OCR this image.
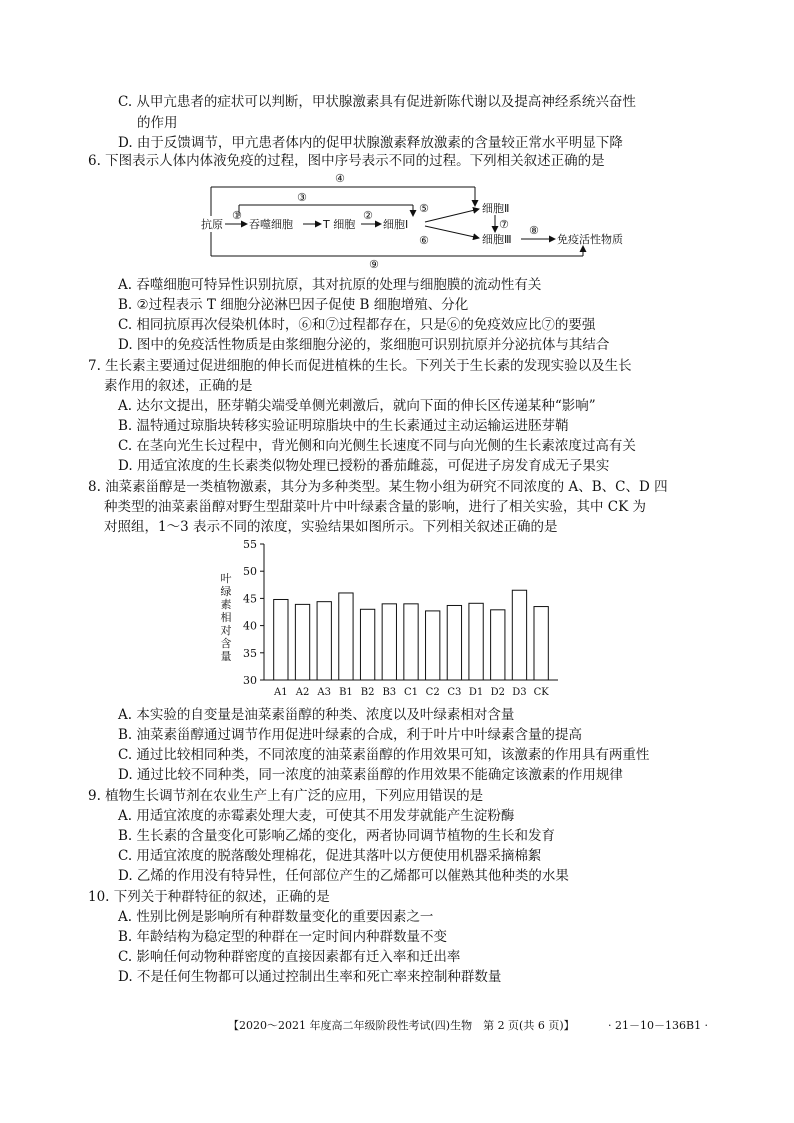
C. 从甲亢患者的症状可以判断，甲状腺激素具有促进新陈代谢以及提高神经系统兴奋性
的作用
D. 由于反馈调节，甲亢患者体内的促甲状腺激素释放激素的含量较正常水平明显下降
6. 下图表示人体内体液免疫的过程，图中序号表示不同的过程。下列相关叙述正确的是
④
③
抗原
①
吞噬细胞	T 细胞
②
细胞Ⅰ
⑤
⑥
细胞Ⅱ
⑦
细胞Ⅲ
⑧
免疫活性物质
⑨
A. 吞噬细胞可特异性识别抗原，其对抗原的处理与细胞膜的流动性有关
B. ②过程表示 T 细胞分泌淋巴因子促使 B 细胞增殖、分化
C. 相同抗原再次侵染机体时，⑥和⑦过程都存在，只是⑥的免疫效应比⑦的要强
D. 图中的免疫活性物质是由浆细胞分泌的，浆细胞可识别抗原并分泌抗体与其结合
7. 生长素主要通过促进细胞的伸长而促进植株的生长。下列关于生长素的发现实验以及生长
素作用的叙述，正确的是
A. 达尔文提出，胚芽鞘尖端受单侧光刺激后，就向下面的伸长区传递某种“影响”
B. 温特通过琼脂块转移实验证明琼脂块中的生长素通过主动运输运进胚芽鞘
C. 在茎向光生长过程中，背光侧和向光侧生长速度不同与向光侧的生长素浓度过高有关
D. 用适宜浓度的生长素类似物处理已授粉的番茄雌蕊，可促进子房发育成无子果实
8. 油菜素甾醇是一类植物激素，其分为多种类型。某生物小组为研究不同浓度的 A、B、C、D 四
种类型的油菜素甾醇对野生型甜菜叶片中叶绿素含量的影响，进行了相关实验，其中 CK 为
对照组，1～3 表示不同的浓度，实验结果如图所示。下列相关叙述正确的是
叶
绿
素
相
对
含
量
30
35
40
45
50
55
A1 A2 A3 B1 B2 B3 C1 C2 C3 D1 D2 D3 CK
A. 本实验的自变量是油菜素甾醇的种类、浓度以及叶绿素相对含量
B. 油菜素甾醇通过调节作用促进叶绿素的合成，利于叶片中叶绿素含量的提高
C. 通过比较相同种类，不同浓度的油菜素甾醇的作用效果可知，该激素的作用具有两重性
D. 通过比较不同种类，同一浓度的油菜素甾醇的作用效果不能确定该激素的作用规律
9. 植物生长调节剂在农业生产上有广泛的应用，下列应用错误的是
A. 用适宜浓度的赤霉素处理大麦，可使其不用发芽就能产生淀粉酶
B. 生长素的含量变化可影响乙烯的变化，两者协同调节植物的生长和发育
C. 用适宜浓度的脱落酸处理棉花，促进其落叶以方便使用机器采摘棉絮
D. 乙烯的作用没有特异性，任何部位产生的乙烯都可以催熟其他种类的水果
10. 下列关于种群特征的叙述，正确的是
A. 性别比例是影响所有种群数量变化的重要因素之一
B. 年龄结构为稳定型的种群在一定时间内种群数量不变
C. 影响任何动物种群密度的直接因素都有迁入率和迁出率
D. 不是任何生物都可以通过控制出生率和死亡率来控制种群数量
【2020～2021 年度高二年级阶段性考试(四)生物　第 2 页(共 6 页)】	· 21－10－136B1 ·
